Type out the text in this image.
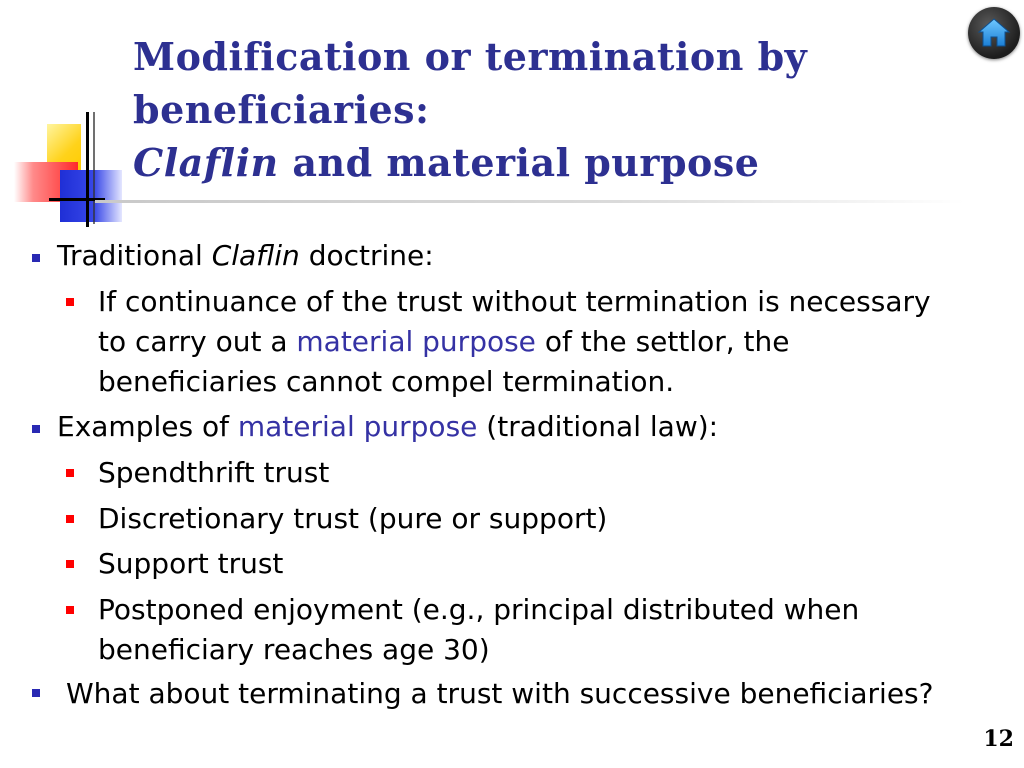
Modification or termination by
beneficiaries:
Claflin and material purpose
Traditional Claflin doctrine:
If continuance of the trust without termination is necessary
to carry out a material purpose of the settlor, the
beneficiaries cannot compel termination.
Examples of material purpose (traditional law):
Spendthrift trust
Discretionary trust (pure or support)
Support trust
Postponed enjoyment (e.g., principal distributed when
beneficiary reaches age 30)
What about terminating a trust with successive beneficiaries?
12
